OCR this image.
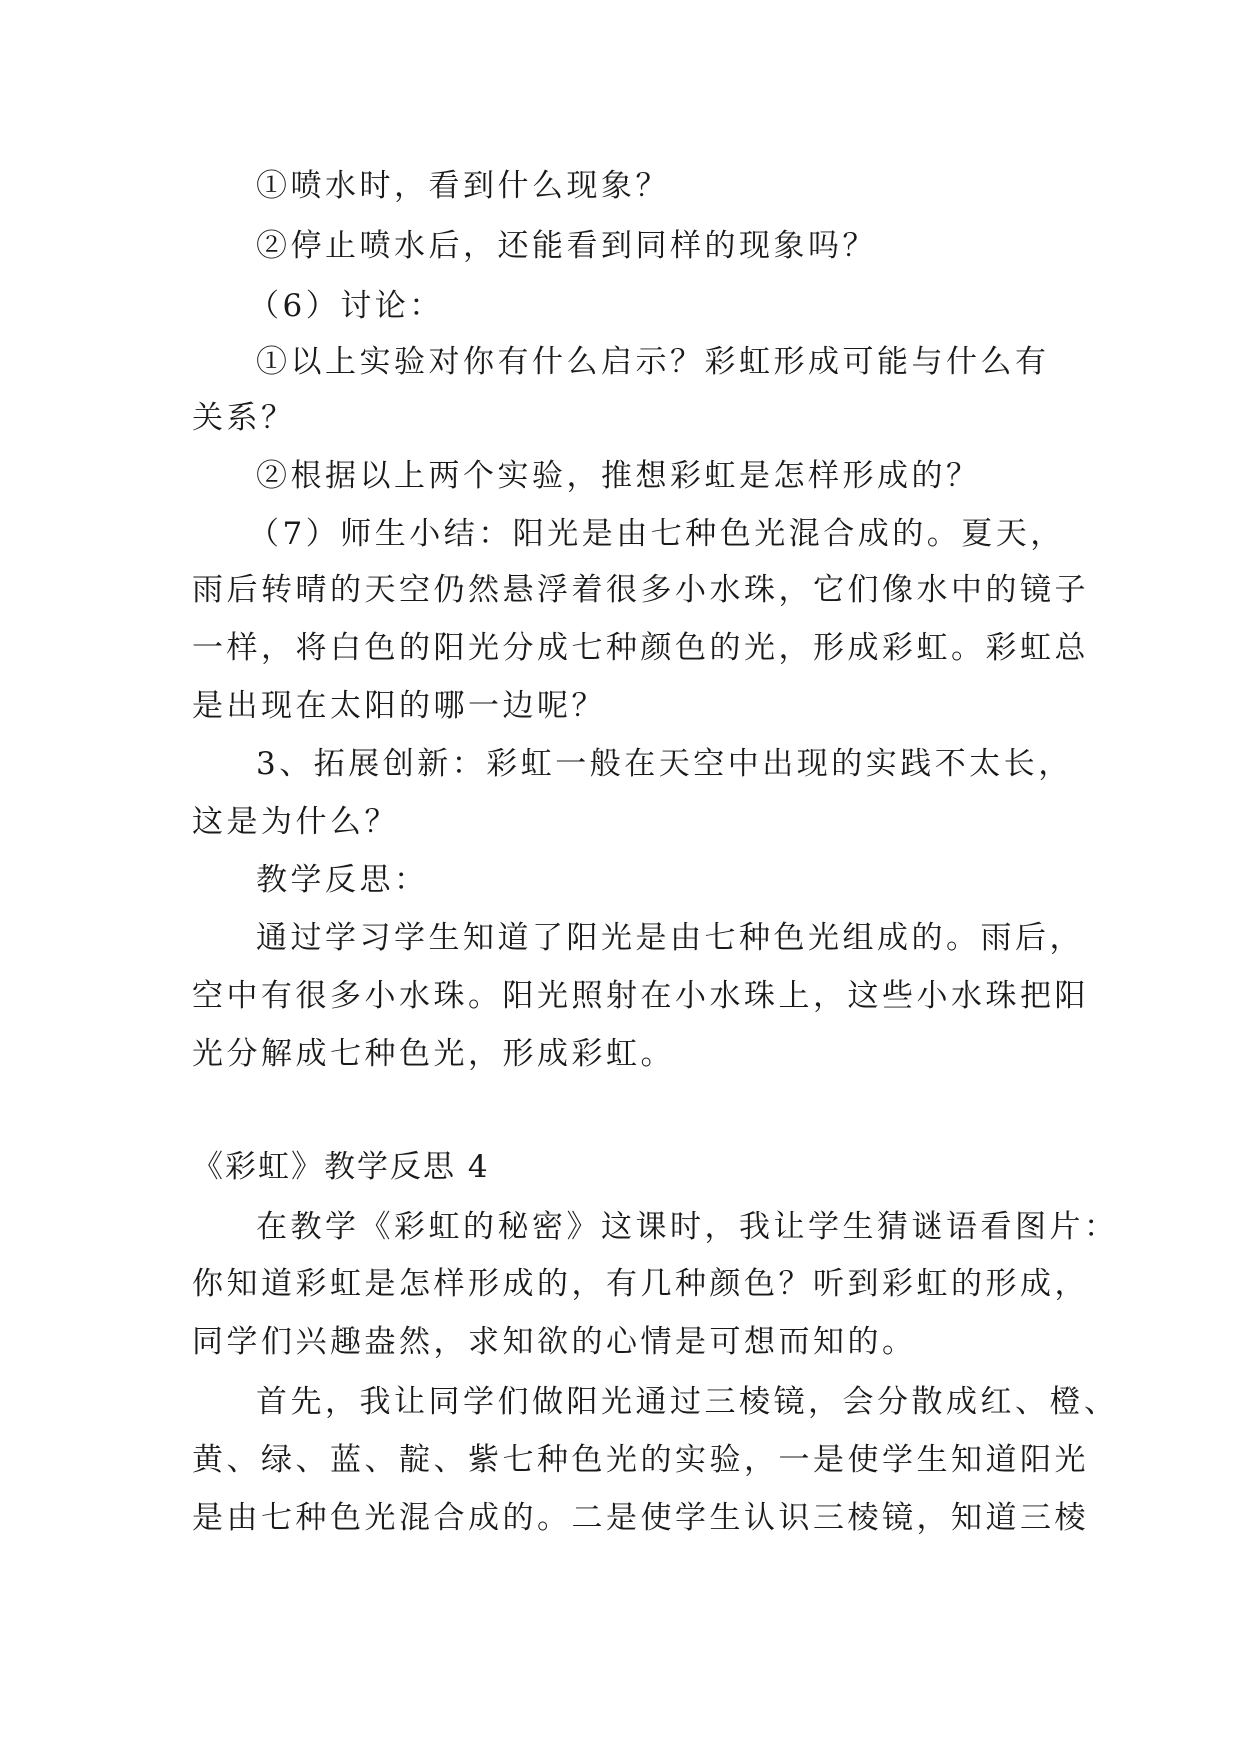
①喷水时，看到什么现象？
②停止喷水后，还能看到同样的现象吗？
（6）讨论：
①以上实验对你有什么启示？彩虹形成可能与什么有
关系？
②根据以上两个实验，推想彩虹是怎样形成的？
（7）师生小结：阳光是由七种色光混合成的。夏天，
雨后转晴的天空仍然悬浮着很多小水珠，它们像水中的镜子
一样，将白色的阳光分成七种颜色的光，形成彩虹。彩虹总
是出现在太阳的哪一边呢？
3、拓展创新：彩虹一般在天空中出现的实践不太长，
这是为什么？
教学反思：
通过学习学生知道了阳光是由七种色光组成的。雨后，
空中有很多小水珠。阳光照射在小水珠上，这些小水珠把阳
光分解成七种色光，形成彩虹。
《彩虹》教学反思 4
在教学《彩虹的秘密》这课时，我让学生猜谜语看图片：
你知道彩虹是怎样形成的，有几种颜色？听到彩虹的形成，
同学们兴趣盎然，求知欲的心情是可想而知的。
首先，我让同学们做阳光通过三棱镜，会分散成红、橙、
黄、绿、蓝、靛、紫七种色光的实验，一是使学生知道阳光
是由七种色光混合成的。二是使学生认识三棱镜，知道三棱
